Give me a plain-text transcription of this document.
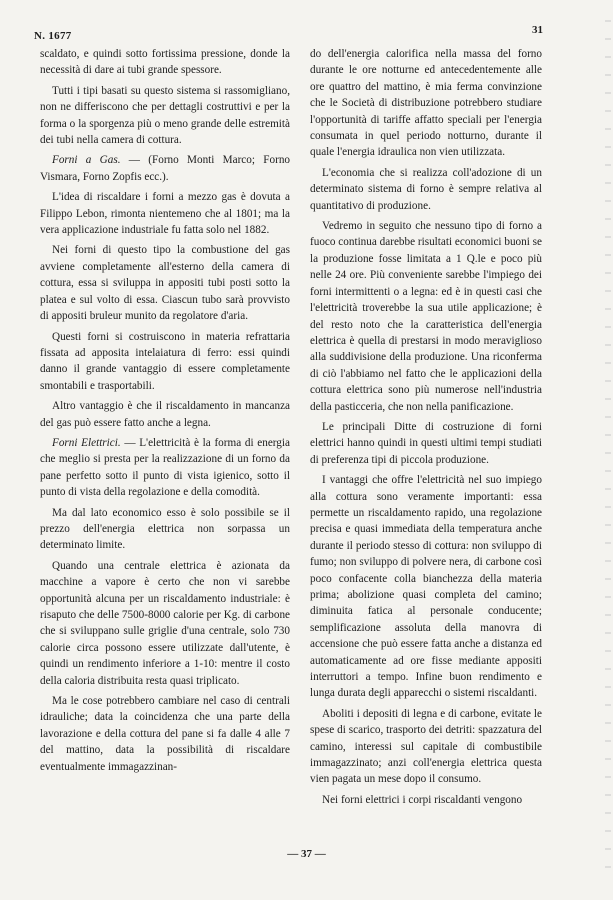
N. 1677	31

scaldato, e quindi sotto fortissima pressione, donde la necessità di dare ai tubi grande spessore.

Tutti i tipi basati su questo sistema si rassomigliano, non ne differiscono che per dettagli costruttivi e per la forma o la sporgenza più o meno grande delle estremità dei tubi nella camera di cottura.

Forni a Gas. — (Forno Monti Marco; Forno Vismara, Forno Zopfis ecc.).

L'idea di riscaldare i forni a mezzo gas è dovuta a Filippo Lebon, rimonta nientemeno che al 1801; ma la vera applicazione industriale fu fatta solo nel 1882.

Nei forni di questo tipo la combustione del gas avviene completamente all'esterno della camera di cottura, essa si sviluppa in appositi tubi posti sotto la platea e sul volto di essa. Ciascun tubo sarà provvisto di appositi bruleur munito da regolatore d'aria.

Questi forni si costruiscono in materia refrattaria fissata ad apposita intelaiatura di ferro: essi quindi danno il grande vantaggio di essere completamente smontabili e trasportabili.

Altro vantaggio è che il riscaldamento in mancanza del gas può essere fatto anche a legna.

Forni Elettrici. — L'elettricità è la forma di energia che meglio si presta per la realizzazione di un forno da pane perfetto sotto il punto di vista igienico, sotto il punto di vista della regolazione e della comodità.

Ma dal lato economico esso è solo possibile se il prezzo dell'energia elettrica non sorpassa un determinato limite.

Quando una centrale elettrica è azionata da macchine a vapore è certo che non vi sarebbe opportunità alcuna per un riscaldamento industriale: è risaputo che delle 7500-8000 calorie per Kg. di carbone che si sviluppano sulle griglie d'una centrale, solo 730 calorie circa possono essere utilizzate dall'utente, è quindi un rendimento inferiore a 1-10: mentre il costo della caloria distribuita resta quasi triplicato.

Ma le cose potrebbero cambiare nel caso di centrali idrauliche; data la coincidenza che una parte della lavorazione e della cottura del pane si fa dalle 4 alle 7 del mattino, data la possibilità di riscaldare eventualmente immagazzinan-

do dell'energia calorifica nella massa del forno durante le ore notturne ed antecedentemente alle ore quattro del mattino, è mia ferma convinzione che le Società di distribuzione potrebbero studiare l'opportunità di tariffe affatto speciali per l'energia consumata in quel periodo notturno, durante il quale l'energia idraulica non vien utilizzata.

L'economia che si realizza coll'adozione di un determinato sistema di forno è sempre relativa al quantitativo di produzione.

Vedremo in seguito che nessuno tipo di forno a fuoco continua darebbe risultati economici buoni se la produzione fosse limitata a 1 Q.le e poco più nelle 24 ore. Più conveniente sarebbe l'impiego dei forni intermittenti o a legna: ed è in questi casi che l'elettricità troverebbe la sua utile applicazione; è del resto noto che la caratteristica dell'energia elettrica è quella di prestarsi in modo meraviglioso alla suddivisione della produzione. Una riconferma di ciò l'abbiamo nel fatto che le applicazioni della cottura elettrica sono più numerose nell'industria della pasticceria, che non nella panificazione.

Le principali Ditte di costruzione di forni elettrici hanno quindi in questi ultimi tempi studiati di preferenza tipi di piccola produzione.

I vantaggi che offre l'elettricità nel suo impiego alla cottura sono veramente importanti: essa permette un riscaldamento rapido, una regolazione precisa e quasi immediata della temperatura anche durante il periodo stesso di cottura: non sviluppo di fumo; non sviluppo di polvere nera, di carbone così poco confacente colla bianchezza della materia prima; abolizione quasi completa del camino; diminuita fatica al personale conducente; semplificazione assoluta della manovra di accensione che può essere fatta anche a distanza ed automaticamente ad ore fisse mediante appositi interruttori a tempo. Infine buon rendimento e lunga durata degli apparecchi o sistemi riscaldanti.

Aboliti i depositi di legna e di carbone, evitate le spese di scarico, trasporto dei detriti: spazzatura del camino, interessi sul capitale di combustibile immagazzinato; anzi coll'energia elettrica questa vien pagata un mese dopo il consumo.

Nei forni elettrici i corpi riscaldanti vengono

— 37 —
